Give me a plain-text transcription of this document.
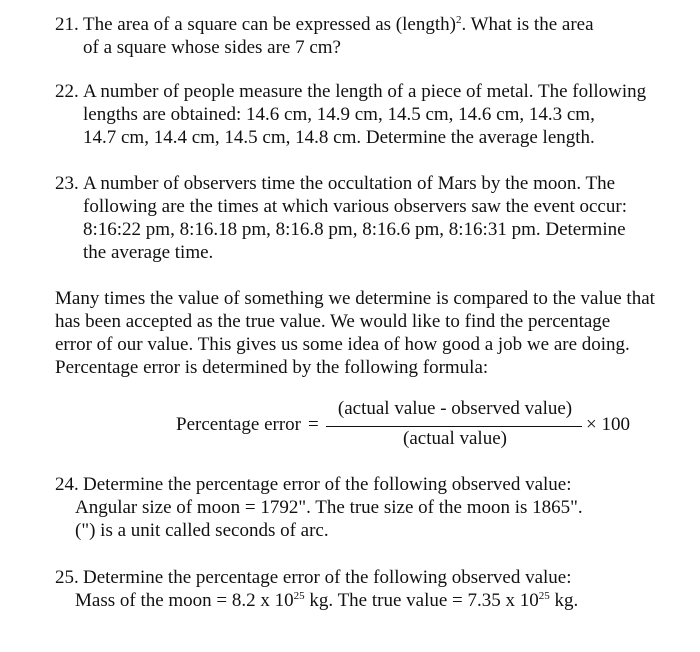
21. The area of a square can be expressed as (length)$^2$. What is the area
of a square whose sides are 7 cm?
22. A number of people measure the length of a piece of metal. The following
lengths are obtained: 14.6 cm, 14.9 cm, 14.5 cm, 14.6 cm, 14.3 cm,
14.7 cm, 14.4 cm, 14.5 cm, 14.8 cm. Determine the average length.
23. A number of observers time the occultation of Mars by the moon. The
following are the times at which various observers saw the event occur:
8:16:22 pm, 8:16.18 pm, 8:16.8 pm, 8:16.6 pm, 8:16:31 pm. Determine
the average time.
Many times the value of something we determine is compared to the value that
has been accepted as the true value. We would like to find the percentage
error of our value. This gives us some idea of how good a job we are doing.
Percentage error is determined by the following formula:
Percentage error =
(actual value - observed value)
(actual value)
× 100
24. Determine the percentage error of the following observed value:
Angular size of moon = 1792". The true size of the moon is 1865".
(") is a unit called seconds of arc.
25. Determine the percentage error of the following observed value:
Mass of the moon = 8.2 x $10^{25}$ kg. The true value = 7.35 x $10^{25}$ kg.
